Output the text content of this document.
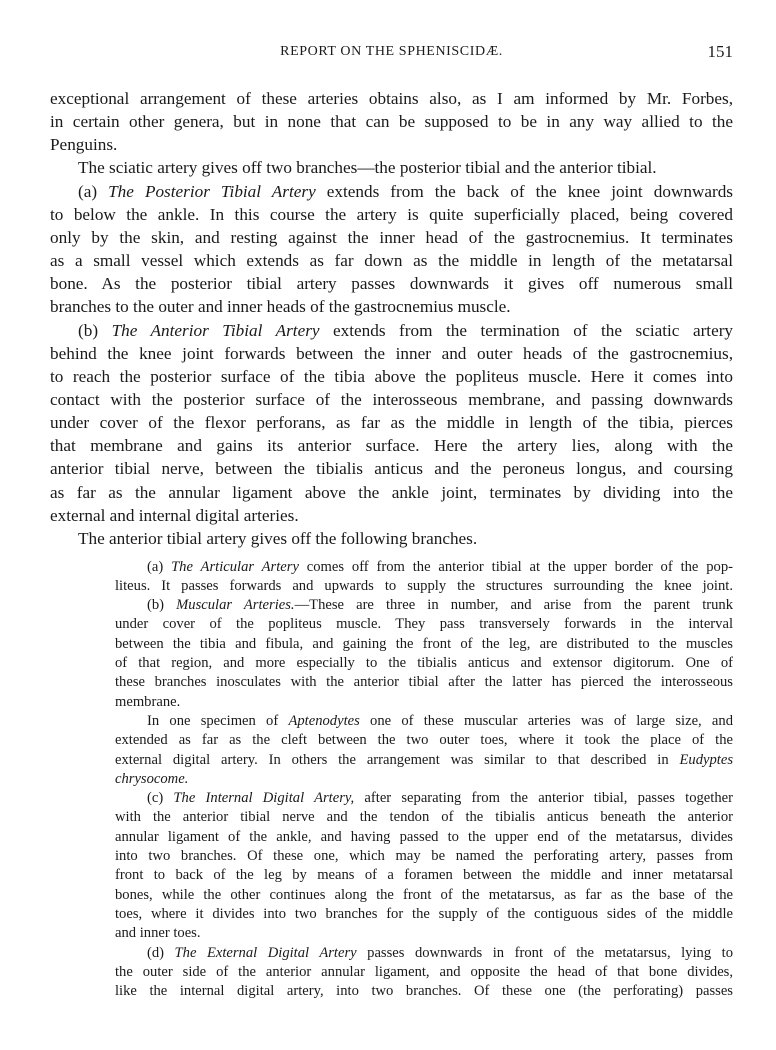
REPORT ON THE SPHENISCIDÆ.	151
exceptional arrangement of these arteries obtains also, as I am informed by Mr. Forbes,
in certain other genera, but in none that can be supposed to be in any way allied to the
Penguins.
The sciatic artery gives off two branches—the posterior tibial and the anterior tibial.
(a) The Posterior Tibial Artery extends from the back of the knee joint downwards
to below the ankle. In this course the artery is quite superficially placed, being covered
only by the skin, and resting against the inner head of the gastrocnemius. It terminates
as a small vessel which extends as far down as the middle in length of the metatarsal
bone. As the posterior tibial artery passes downwards it gives off numerous small
branches to the outer and inner heads of the gastrocnemius muscle.
(b) The Anterior Tibial Artery extends from the termination of the sciatic artery
behind the knee joint forwards between the inner and outer heads of the gastrocnemius,
to reach the posterior surface of the tibia above the popliteus muscle. Here it comes into
contact with the posterior surface of the interosseous membrane, and passing downwards
under cover of the flexor perforans, as far as the middle in length of the tibia, pierces
that membrane and gains its anterior surface. Here the artery lies, along with the
anterior tibial nerve, between the tibialis anticus and the peroneus longus, and coursing
as far as the annular ligament above the ankle joint, terminates by dividing into the
external and internal digital arteries.
The anterior tibial artery gives off the following branches.
(a) The Articular Artery comes off from the anterior tibial at the upper border of the pop-
liteus. It passes forwards and upwards to supply the structures surrounding the knee joint.
(b) Muscular Arteries.—These are three in number, and arise from the parent trunk
under cover of the popliteus muscle. They pass transversely forwards in the interval
between the tibia and fibula, and gaining the front of the leg, are distributed to the muscles
of that region, and more especially to the tibialis anticus and extensor digitorum. One of
these branches inosculates with the anterior tibial after the latter has pierced the interosseous
membrane.
In one specimen of Aptenodytes one of these muscular arteries was of large size, and
extended as far as the cleft between the two outer toes, where it took the place of the
external digital artery. In others the arrangement was similar to that described in Eudyptes
chrysocome.
(c) The Internal Digital Artery, after separating from the anterior tibial, passes together
with the anterior tibial nerve and the tendon of the tibialis anticus beneath the anterior
annular ligament of the ankle, and having passed to the upper end of the metatarsus, divides
into two branches. Of these one, which may be named the perforating artery, passes from
front to back of the leg by means of a foramen between the middle and inner metatarsal
bones, while the other continues along the front of the metatarsus, as far as the base of the
toes, where it divides into two branches for the supply of the contiguous sides of the middle
and inner toes.
(d) The External Digital Artery passes downwards in front of the metatarsus, lying to
the outer side of the anterior annular ligament, and opposite the head of that bone divides,
like the internal digital artery, into two branches. Of these one (the perforating) passes
